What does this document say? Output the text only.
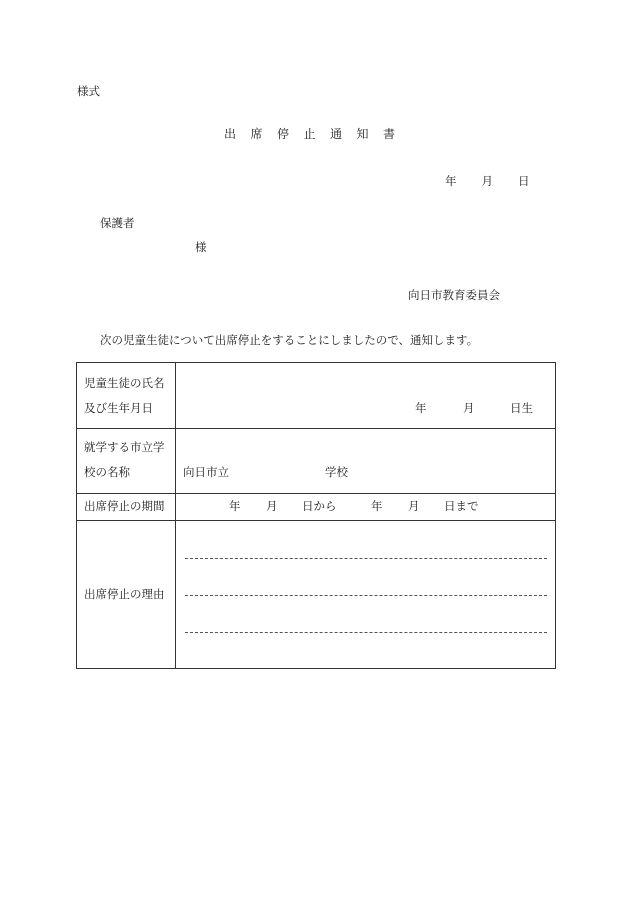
様式
出席停止通知書
年 月 日
保護者
様
向日市教育委員会
次の児童生徒について出席停止をすることにしましたので、通知します。
児童生徒の氏名
及び生年月日	年	月	日生
就学する市立学
校の名称	向日市立	学校
出席停止の期間	年 月 日から	年 月 日まで
出席停止の理由
